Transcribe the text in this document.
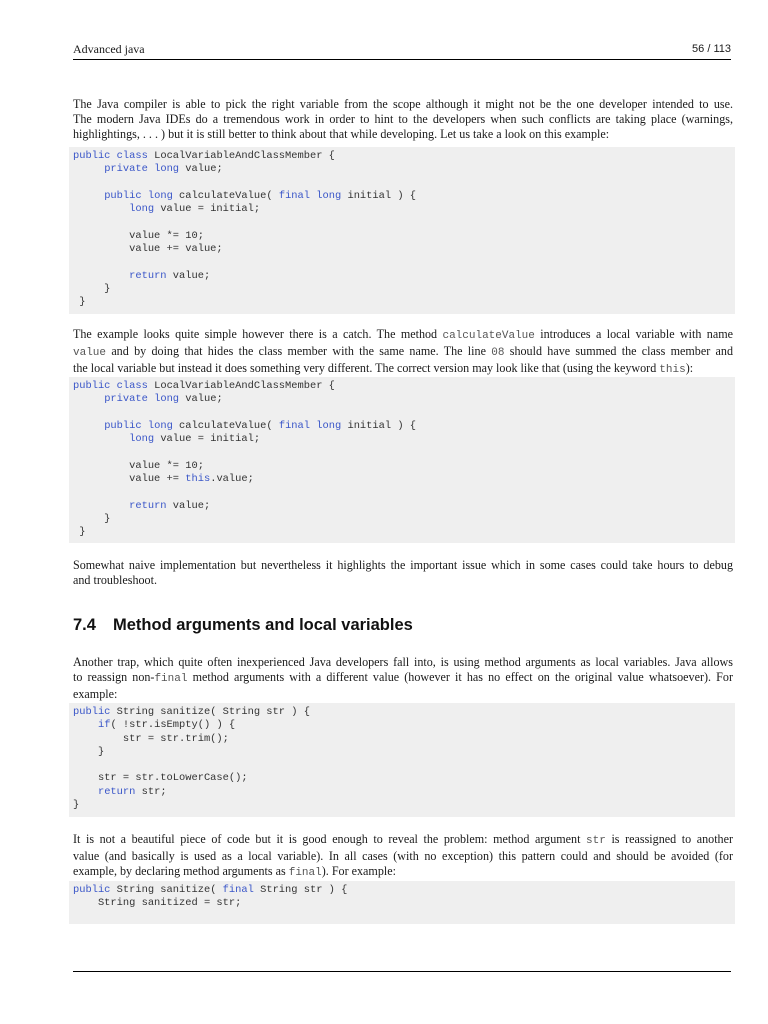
Advanced java	56 / 113
The Java compiler is able to pick the right variable from the scope although it might not be the one developer intended to use.
The modern Java IDEs do a tremendous work in order to hint to the developers when such conflicts are taking place (warnings,
highlightings, . . . ) but it is still better to think about that while developing. Let us take a look on this example:
public class LocalVariableAndClassMember {
private long value;
public long calculateValue( final long initial ) {
long value = initial;
value *= 10;
value += value;
return value;
}
}
The example looks quite simple however there is a catch. The method calculateValue introduces a local variable with name
value and by doing that hides the class member with the same name. The line 08 should have summed the class member and
the local variable but instead it does something very different. The correct version may look like that (using the keyword this):
public class LocalVariableAndClassMember {
private long value;
public long calculateValue( final long initial ) {
long value = initial;
value *= 10;
value += this.value;
return value;
}
}
Somewhat naive implementation but nevertheless it highlights the important issue which in some cases could take hours to debug
and troubleshoot.
7.4 Method arguments and local variables
Another trap, which quite often inexperienced Java developers fall into, is using method arguments as local variables. Java allows
to reassign non-final method arguments with a different value (however it has no effect on the original value whatsoever). For
example:
public String sanitize( String str ) {
if( !str.isEmpty() ) {
str = str.trim();
}
str = str.toLowerCase();
return str;
}
It is not a beautiful piece of code but it is good enough to reveal the problem: method argument str is reassigned to another
value (and basically is used as a local variable). In all cases (with no exception) this pattern could and should be avoided (for
example, by declaring method arguments as final). For example:
public String sanitize( final String str ) {
String sanitized = str;
